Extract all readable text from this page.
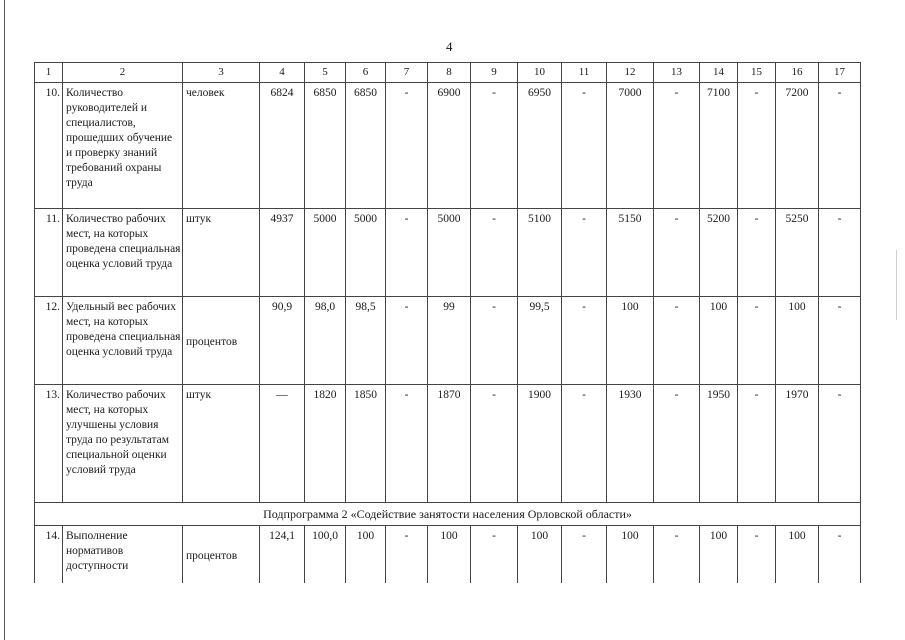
4
1	2	3	4	5	6	7	8	9	10	11	12	13	14	15	16	17
10.	Количество руководителей и специалистов, прошедших обучение и проверку знаний требований охраны труда	человек	6824	6850	6850	-	6900	-	6950	-	7000	-	7100	-	7200	-
11.	Количество рабочих мест, на которых проведена специальная оценка условий труда	штук	4937	5000	5000	-	5000	-	5100	-	5150	-	5200	-	5250	-
12.	Удельный вес рабочих мест, на которых проведена специальная оценка условий труда	процентов	90,9	98,0	98,5	-	99	-	99,5	-	100	-	100	-	100	-
13.	Количество рабочих мест, на которых улучшены условия труда по результатам специальной оценки условий труда	штук	—	1820	1850	-	1870	-	1900	-	1930	-	1950	-	1970	-
Подпрограмма 2 «Содействие занятости населения Орловской области»																
14.	Выполнение нормативов доступности	процентов	124,1	100,0	100	-	100	-	100	-	100	-	100	-	100	-
